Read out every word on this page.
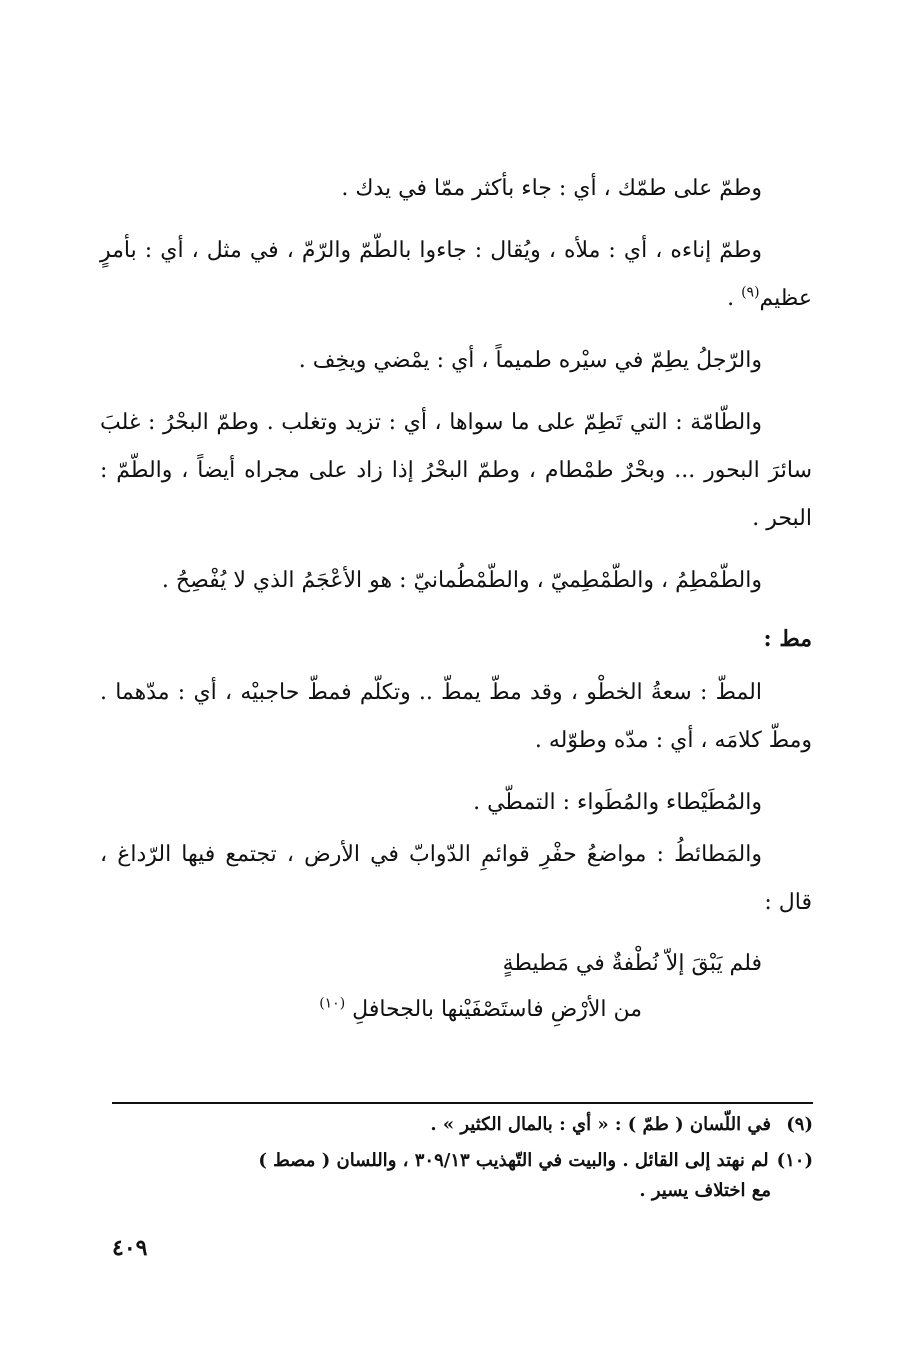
وطمّ على طمّك ، أي : جاء بأكثر ممّا في يدك .

وطمّ إناءه ، أي : ملأه ، ويُقال : جاءوا بالطّمّ والرّمّ ، في مثل ، أي : بأمرٍ عظيم$^{(٩)}$ .

والرّجلُ يطِمّ في سيْره طميماً ، أي : يمْضي ويخِف .

والطّامّة : التي تَطِمّ على ما سواها ، أي : تزيد وتغلب . وطمّ البحْرُ : غلبَ سائرَ البحور ... وبحْرٌ طمْطام ، وطمّ البحْرُ إذا زاد على مجراه أيضاً ، والطّمّ : البحر .

والطّمْطِمُ ، والطّمْطِميّ ، والطّمْطُمانيّ : هو الأعْجَمُ الذي لا يُفْصِحُ .

مط :

المطّ : سعةُ الخطْو ، وقد مطّ يمطّ .. وتكلّم فمطّ حاجبيْه ، أي : مدّهما . ومطّ كلامَه ، أي : مدّه وطوّله .

والمُطَيْطاء والمُطَواء : التمطّي .

والمَطائطُ : مواضعُ حفْرِ قوائمِ الدّوابّ في الأرض ، تجتمع فيها الرّداغ ، قال :

فلم يَبْقَ إلاّ نُطْفةٌ في مَطيطةٍ
من الأرْضِ فاستَصْفَيْنها بالجحافلِ $^{(١٠)}$
(٩)في اللّسان ( طمّ ) : « أي : بالمال الكثير » .
(١٠)لم نهتد إلى القائل . والبيت في التّهذيب ٣٠٩/١٣ ، واللسان ( مصط )
مع اختلاف يسير .
٤٠٩
